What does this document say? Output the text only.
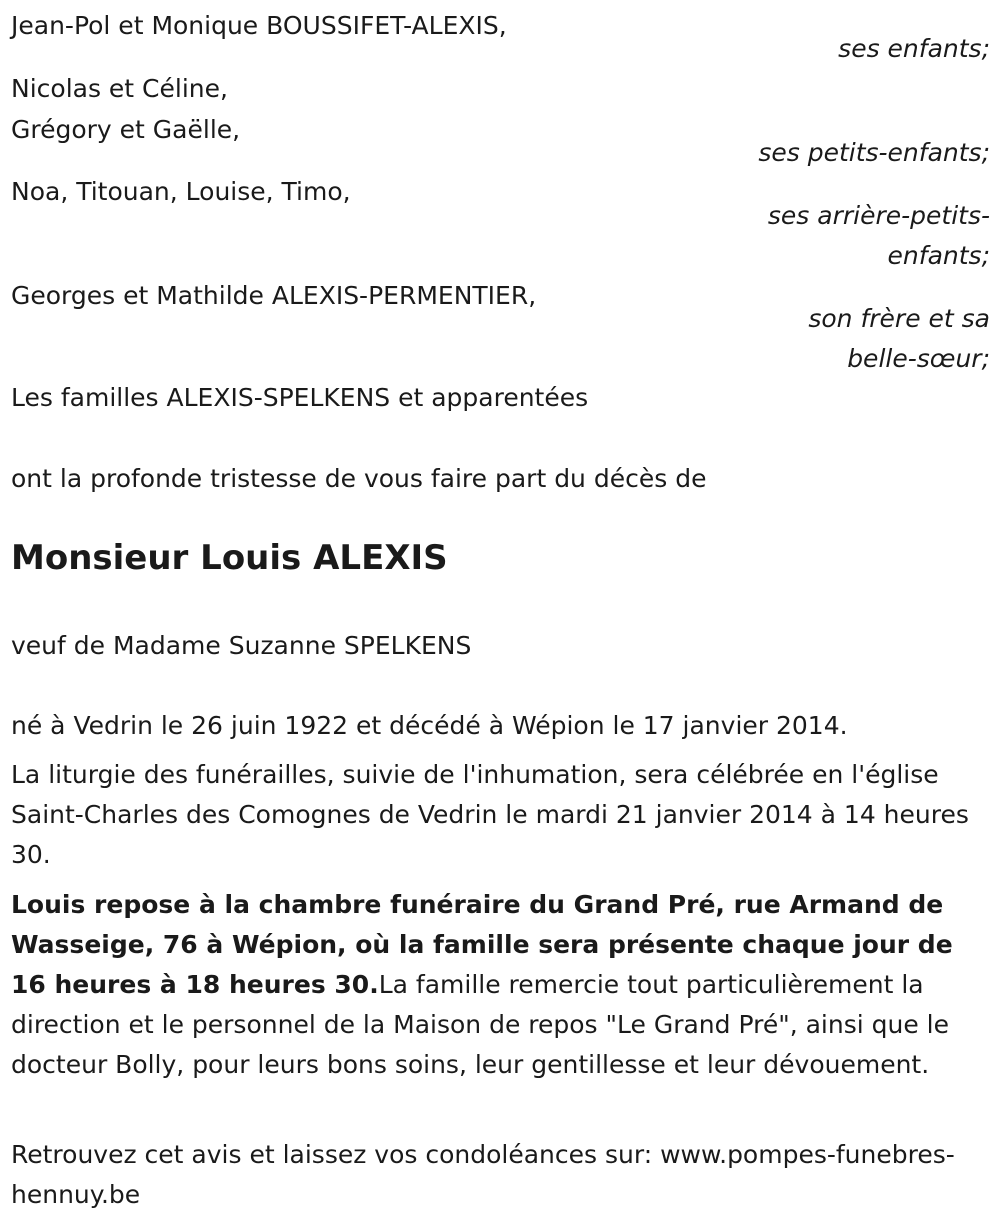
Jean-Pol et Monique BOUSSIFET-ALEXIS,
ses enfants;
Nicolas et Céline,
Grégory et Gaëlle,
ses petits-enfants;
Noa, Titouan, Louise, Timo,
ses arrière-petits-
enfants;
Georges et Mathilde ALEXIS-PERMENTIER,
son frère et sa
belle-sœur;
Les familles ALEXIS-SPELKENS et apparentées
ont la profonde tristesse de vous faire part du décès de
Monsieur Louis ALEXIS
veuf de Madame Suzanne SPELKENS
né à Vedrin le 26 juin 1922 et décédé à Wépion le 17 janvier 2014.
La liturgie des funérailles, suivie de l'inhumation, sera célébrée en l'église Saint-Charles des Comognes de Vedrin le mardi 21 janvier 2014 à 14 heures 30.
Louis repose à la chambre funéraire du Grand Pré, rue Armand de Wasseige, 76 à Wépion, où la famille sera présente chaque jour de 16 heures à 18 heures 30.La famille remercie tout particulièrement la direction et le personnel de la Maison de repos "Le Grand Pré", ainsi que le docteur Bolly, pour leurs bons soins, leur gentillesse et leur dévouement.
Retrouvez cet avis et laissez vos condoléances sur: www.pompes-funebres-hennuy.be
